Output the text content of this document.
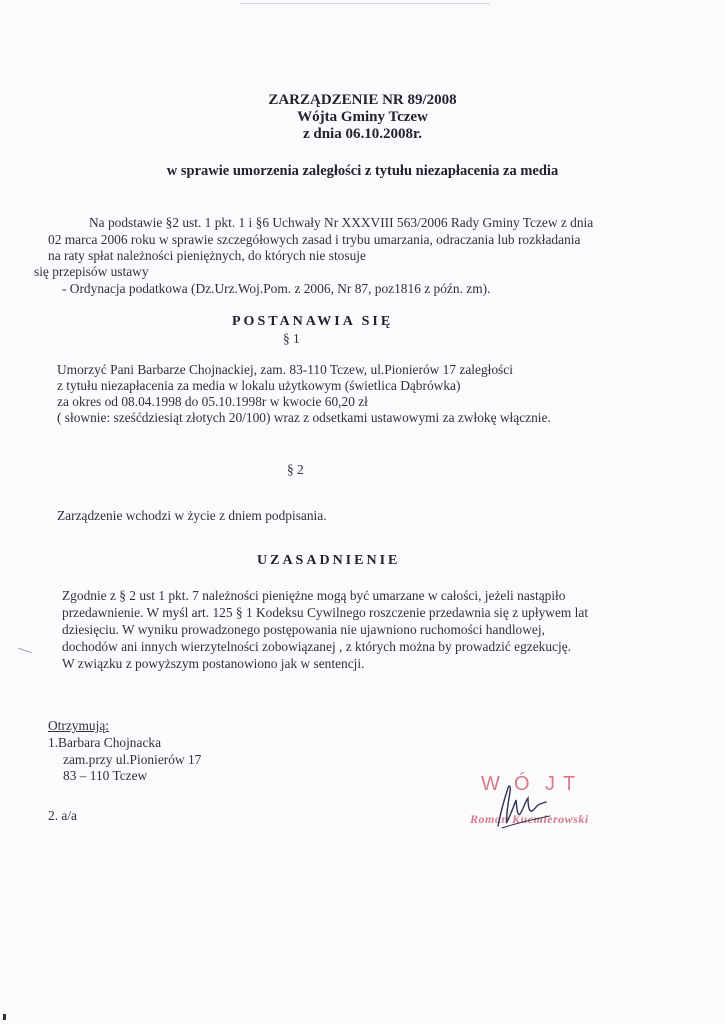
ZARZĄDZENIE NR 89/2008
Wójta Gminy Tczew
z dnia 06.10.2008r.
w sprawie umorzenia zaległości z tytułu niezapłacenia za media
Na podstawie §2 ust. 1 pkt. 1 i §6 Uchwały Nr XXXVIII 563/2006 Rady Gminy Tczew z dnia
02 marca 2006 roku w sprawie szczegółowych zasad i trybu umarzania, odraczania lub rozkładania
na raty spłat należności pieniężnych, do których nie stosuje
się przepisów ustawy
- Ordynacja podatkowa (Dz.Urz.Woj.Pom. z 2006, Nr 87, poz1816 z późn. zm).
POSTANAWIA SIĘ
§ 1
Umorzyć Pani Barbarze Chojnackiej, zam. 83-110 Tczew, ul.Pionierów 17 zaległości
z tytułu niezapłacenia za media w lokalu użytkowym (świetlica Dąbrówka)
za okres od 08.04.1998 do 05.10.1998r w kwocie 60,20 zł
( słownie: sześćdziesiąt złotych 20/100) wraz z odsetkami ustawowymi za zwłokę włącznie.
§ 2
Zarządzenie wchodzi w życie z dniem podpisania.
UZASADNIENIE
Zgodnie z § 2 ust 1 pkt. 7 należności pieniężne mogą być umarzane w całości, jeżeli nastąpiło
przedawnienie. W myśl art. 125 § 1 Kodeksu Cywilnego roszczenie przedawnia się z upływem lat
dziesięciu. W wyniku prowadzonego postępowania nie ujawniono ruchomości handlowej,
dochodów ani innych wierzytelności zobowiązanej , z których można by prowadzić egzekucję.
W związku z powyższym postanowiono jak w sentencji.
Otrzymują:
1.Barbara Chojnacka
zam.przy ul.Pionierów 17
83 – 110 Tczew
2. a/a
W Ó J T
Roman Kucmierowski
